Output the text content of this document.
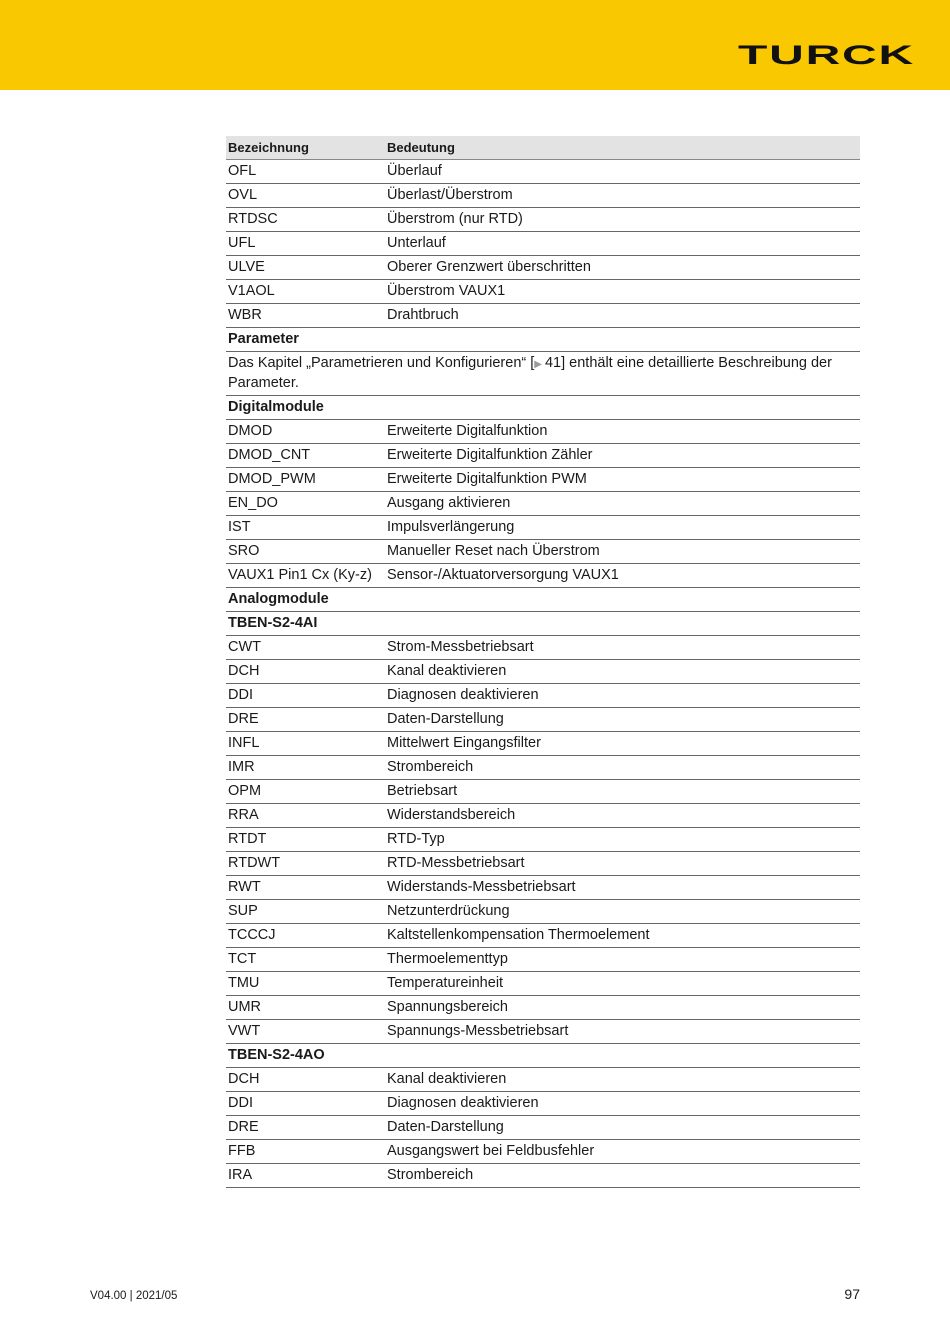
TURCK
Bezeichnung	Bedeutung
OFL	Überlauf
OVL	Überlast/Überstrom
RTDSC	Überstrom (nur RTD)
UFL	Unterlauf
ULVE	Oberer Grenzwert überschritten
V1AOL	Überstrom VAUX1
WBR	Drahtbruch
Parameter	
Das Kapitel „Parametrieren und Konfigurieren“ [▶ 41] enthält eine detaillierte Beschreibung der Parameter.	
Digitalmodule	
DMOD	Erweiterte Digitalfunktion
DMOD_CNT	Erweiterte Digitalfunktion Zähler
DMOD_PWM	Erweiterte Digitalfunktion PWM
EN_DO	Ausgang aktivieren
IST	Impulsverlängerung
SRO	Manueller Reset nach Überstrom
VAUX1 Pin1 Cx (Ky-z)	Sensor-/Aktuatorversorgung VAUX1
Analogmodule	
TBEN-S2-4AI	
CWT	Strom-Messbetriebsart
DCH	Kanal deaktivieren
DDI	Diagnosen deaktivieren
DRE	Daten-Darstellung
INFL	Mittelwert Eingangsfilter
IMR	Strombereich
OPM	Betriebsart
RRA	Widerstandsbereich
RTDT	RTD-Typ
RTDWT	RTD-Messbetriebsart
RWT	Widerstands-Messbetriebsart
SUP	Netzunterdrückung
TCCCJ	Kaltstellenkompensation Thermoelement
TCT	Thermoelementtyp
TMU	Temperatureinheit
UMR	Spannungsbereich
VWT	Spannungs-Messbetriebsart
TBEN-S2-4AO	
DCH	Kanal deaktivieren
DDI	Diagnosen deaktivieren
DRE	Daten-Darstellung
FFB	Ausgangswert bei Feldbusfehler
IRA	Strombereich
V04.00 | 2021/05	97
